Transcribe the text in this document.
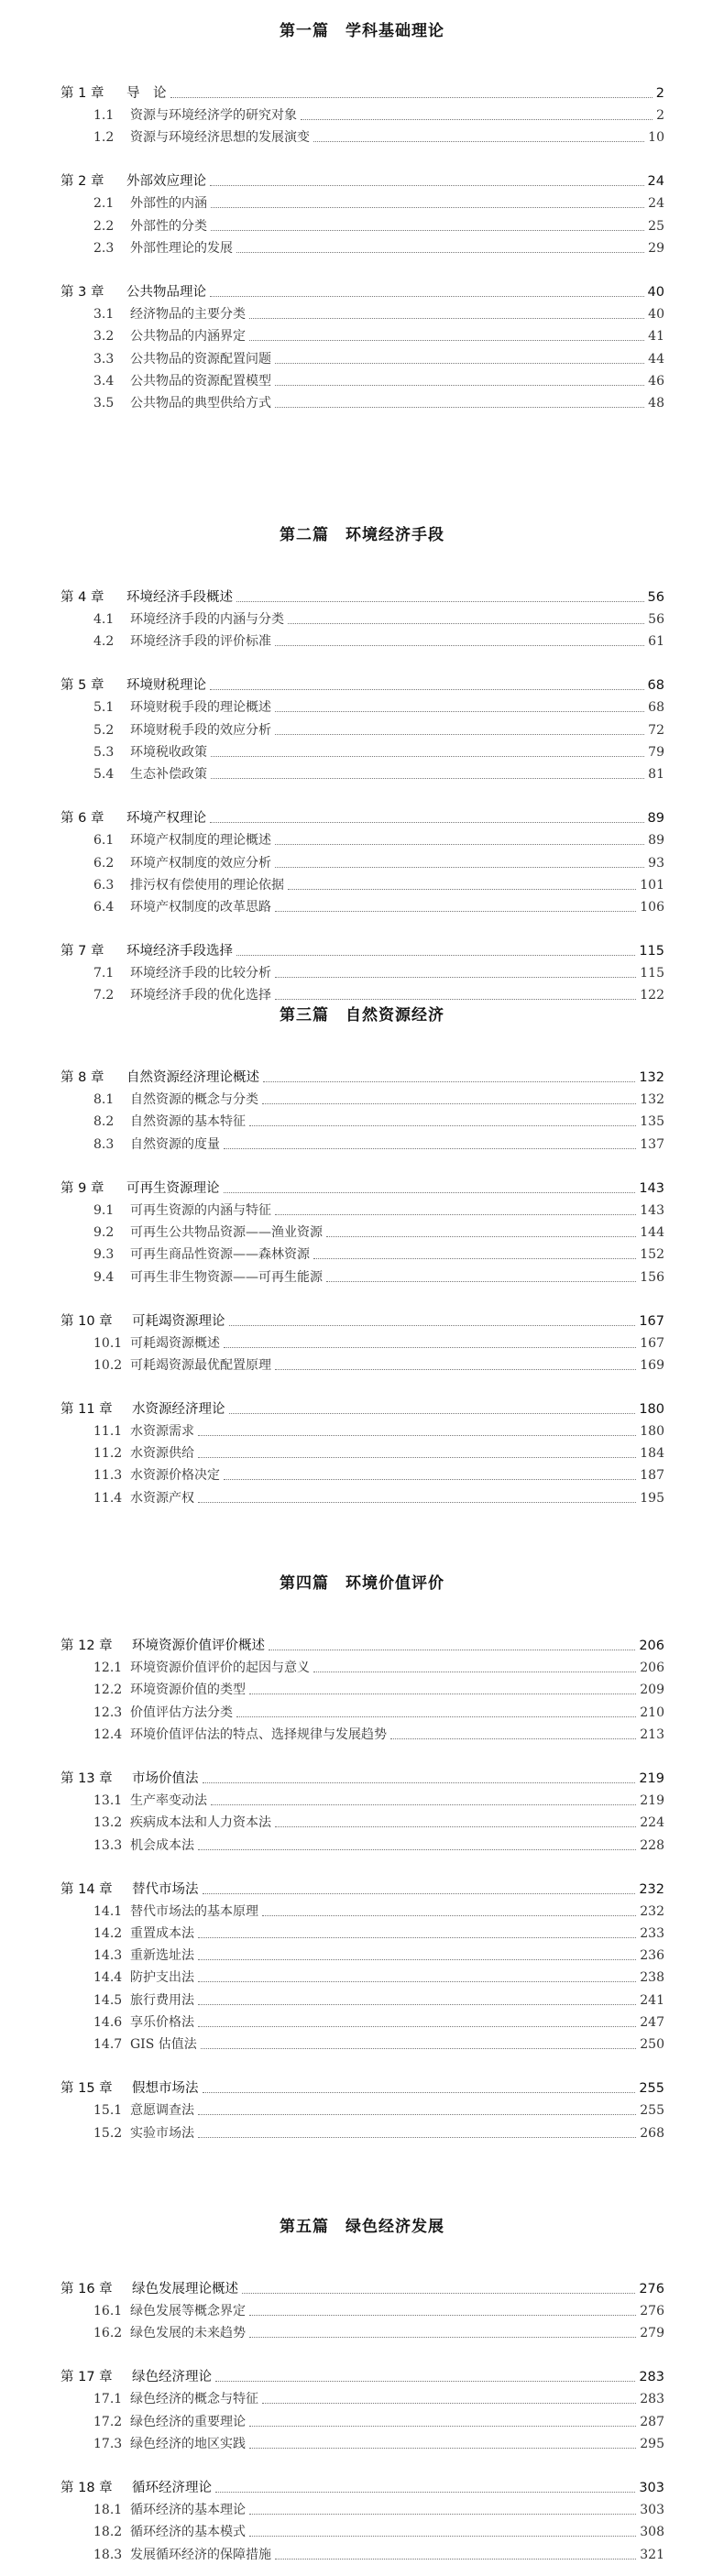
第一篇　学科基础理论
第 1 章	导　论	2
1.1	资源与环境经济学的研究对象	2
1.2	资源与环境经济思想的发展演变	10
第 2 章	外部效应理论	24
2.1	外部性的内涵	24
2.2	外部性的分类	25
2.3	外部性理论的发展	29
第 3 章	公共物品理论	40
3.1	经济物品的主要分类	40
3.2	公共物品的内涵界定	41
3.3	公共物品的资源配置问题	44
3.4	公共物品的资源配置模型	46
3.5	公共物品的典型供给方式	48
第二篇　环境经济手段
第 4 章	环境经济手段概述	56
4.1	环境经济手段的内涵与分类	56
4.2	环境经济手段的评价标准	61
第 5 章	环境财税理论	68
5.1	环境财税手段的理论概述	68
5.2	环境财税手段的效应分析	72
5.3	环境税收政策	79
5.4	生态补偿政策	81
第 6 章	环境产权理论	89
6.1	环境产权制度的理论概述	89
6.2	环境产权制度的效应分析	93
6.3	排污权有偿使用的理论依据	101
6.4	环境产权制度的改革思路	106
第 7 章	环境经济手段选择	115
7.1	环境经济手段的比较分析	115
7.2	环境经济手段的优化选择	122
第三篇　自然资源经济
第 8 章	自然资源经济理论概述	132
8.1	自然资源的概念与分类	132
8.2	自然资源的基本特征	135
8.3	自然资源的度量	137
第 9 章	可再生资源理论	143
9.1	可再生资源的内涵与特征	143
9.2	可再生公共物品资源——渔业资源	144
9.3	可再生商品性资源——森林资源	152
9.4	可再生非生物资源——可再生能源	156
第 10 章	可耗竭资源理论	167
10.1 可耗竭资源概述	167
10.2 可耗竭资源最优配置原理	169
第 11 章	水资源经济理论	180
11.1 水资源需求	180
11.2 水资源供给	184
11.3 水资源价格决定	187
11.4 水资源产权	195
第四篇　环境价值评价
第 12 章	环境资源价值评价概述	206
12.1 环境资源价值评价的起因与意义	206
12.2 环境资源价值的类型	209
12.3 价值评估方法分类	210
12.4 环境价值评估法的特点、选择规律与发展趋势	213
第 13 章	市场价值法	219
13.1 生产率变动法	219
13.2 疾病成本法和人力资本法	224
13.3 机会成本法	228
第 14 章	替代市场法	232
14.1 替代市场法的基本原理	232
14.2 重置成本法	233
14.3 重新选址法	236
14.4 防护支出法	238
14.5 旅行费用法	241
14.6 享乐价格法	247
14.7 GIS 估值法	250
第 15 章	假想市场法	255
15.1 意愿调查法	255
15.2 实验市场法	268
第五篇　绿色经济发展
第 16 章	绿色发展理论概述	276
16.1 绿色发展等概念界定	276
16.2 绿色发展的未来趋势	279
第 17 章	绿色经济理论	283
17.1 绿色经济的概念与特征	283
17.2 绿色经济的重要理论	287
17.3 绿色经济的地区实践	295
第 18 章	循环经济理论	303
18.1 循环经济的基本理论	303
18.2 循环经济的基本模式	308
18.3 发展循环经济的保障措施	321
